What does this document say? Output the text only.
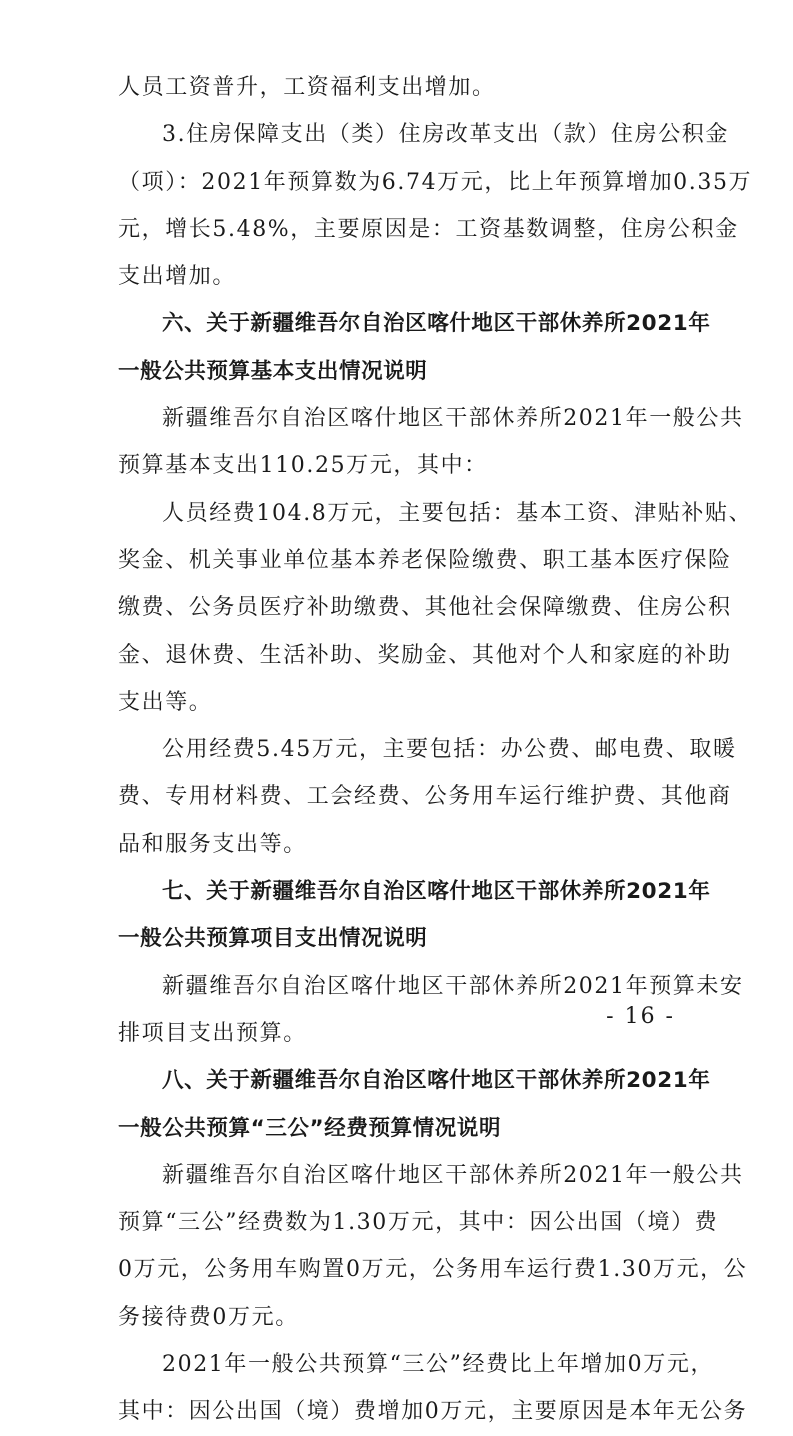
人员工资普升，工资福利支出增加。
3.住房保障支出（类）住房改革支出（款）住房公积金
（项）：2021年预算数为6.74万元，比上年预算增加0.35万
元，增长5.48%，主要原因是：工资基数调整，住房公积金
支出增加。
六、关于新疆维吾尔自治区喀什地区干部休养所2021年
一般公共预算基本支出情况说明
新疆维吾尔自治区喀什地区干部休养所2021年一般公共
预算基本支出110.25万元，其中：
人员经费104.8万元，主要包括：基本工资、津贴补贴、
奖金、机关事业单位基本养老保险缴费、职工基本医疗保险
缴费、公务员医疗补助缴费、其他社会保障缴费、住房公积
金、退休费、生活补助、奖励金、其他对个人和家庭的补助
支出等。
公用经费5.45万元，主要包括：办公费、邮电费、取暖
费、专用材料费、工会经费、公务用车运行维护费、其他商
品和服务支出等。
七、关于新疆维吾尔自治区喀什地区干部休养所2021年
一般公共预算项目支出情况说明
新疆维吾尔自治区喀什地区干部休养所2021年预算未安
排项目支出预算。
八、关于新疆维吾尔自治区喀什地区干部休养所2021年
一般公共预算“三公”经费预算情况说明
新疆维吾尔自治区喀什地区干部休养所2021年一般公共
预算“三公”经费数为1.30万元，其中：因公出国（境）费
0万元，公务用车购置0万元，公务用车运行费1.30万元，公
务接待费0万元。
2021年一般公共预算“三公”经费比上年增加0万元，
其中：因公出国（境）费增加0万元，主要原因是本年无公务
- 16 -
